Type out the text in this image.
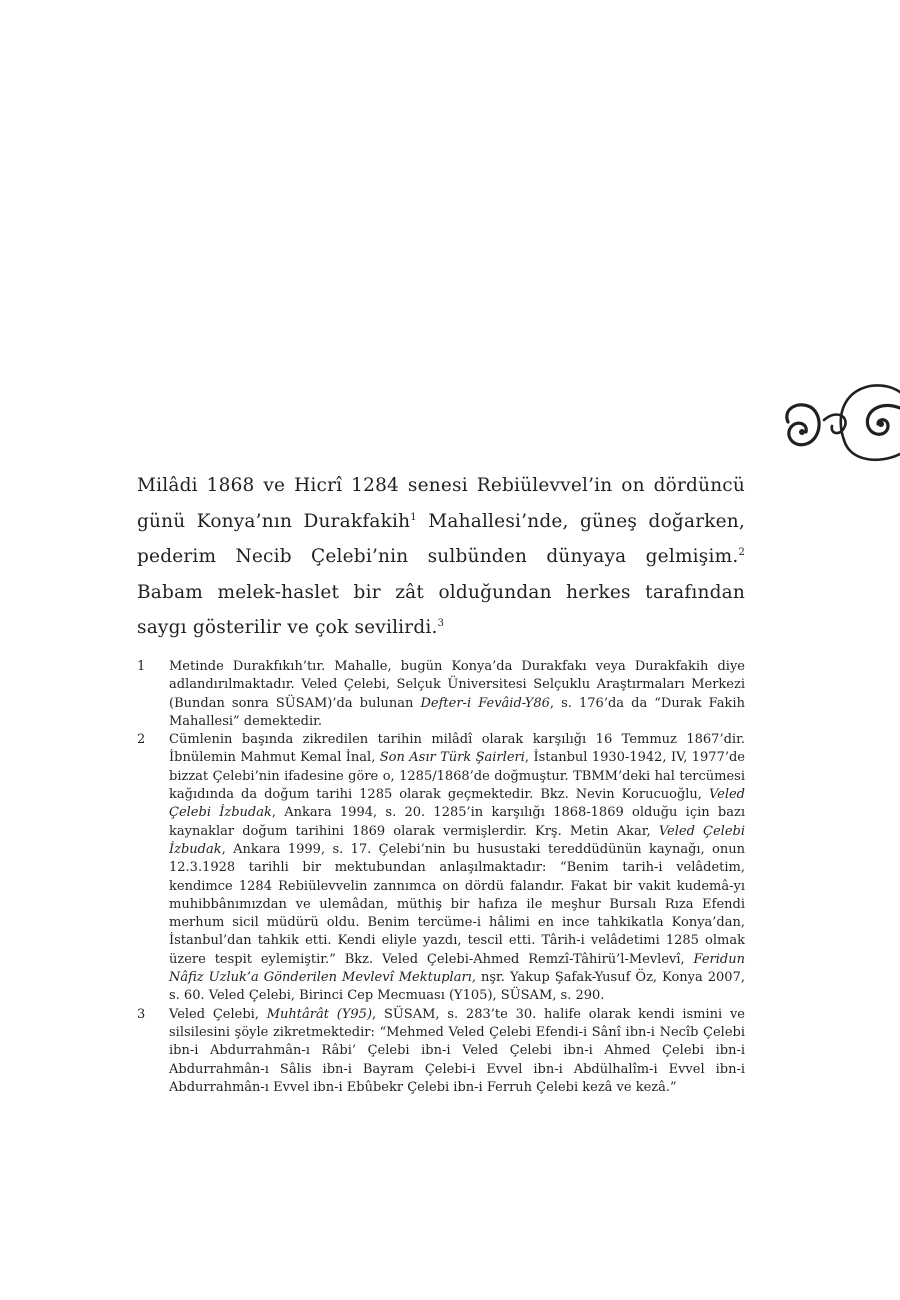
Milâdi 1868 ve Hicrî 1284 senesi Rebiülevvel’in on dördüncü günü Konya’nın Durakfakih$^1$ Mahallesi’nde, güneş doğarken, pederim Necib Çelebi’nin sulbünden dünyaya gelmişim.$^2$ Babam melek-haslet bir zât olduğundan herkes tarafından saygı gösterilir ve çok sevilirdi.$^3$

1	Metinde Durakfıkıh’tır. Mahalle, bugün Konya’da Durakfakı veya Durakfakih diye adlandırılmaktadır. Veled Çelebi, Selçuk Üniversitesi Selçuklu Araştırmaları Merkezi (Bundan sonra SÜSAM)’da bulunan Defter-i Fevâid-Y86, s. 176’da da “Durak Fakih Mahallesi” demektedir.
2	Cümlenin başında zikredilen tarihin milâdî olarak karşılığı 16 Temmuz 1867’dir. İbnülemin Mahmut Kemal İnal, Son Asır Türk Şairleri, İstanbul 1930-1942, IV, 1977’de bizzat Çelebi’nin ifadesine göre o, 1285/1868’de doğmuştur. TBMM’deki hal tercümesi kağıdında da doğum tarihi 1285 olarak geçmektedir. Bkz. Nevin Korucuoğlu, Veled Çelebi İzbudak, Ankara 1994, s. 20. 1285’in karşılığı 1868-1869 olduğu için bazı kaynaklar doğum tarihini 1869 olarak vermişlerdir. Krş. Metin Akar, Veled Çelebi İzbudak, Ankara 1999, s. 17. Çelebi’nin bu husustaki tereddüdünün kaynağı, onun 12.3.1928 tarihli bir mektubundan anlaşılmaktadır: “Benim tarih-i velâdetim, kendimce 1284 Rebiülevvelin zannımca on dördü falandır. Fakat bir vakit kudemâ-yı muhibbânımızdan ve ulemâdan, müthiş bir hafıza ile meşhur Bursalı Rıza Efendi merhum sicil müdürü oldu. Benim tercüme-i hâlimi en ince tahkikatla Konya’dan, İstanbul’dan tahkik etti. Kendi eliyle yazdı, tescil etti. Târih-i velâdetimi 1285 olmak üzere tespit eylemiştir.” Bkz. Veled Çelebi-Ahmed Remzî-Tâhirü’l-Mevlevî, Feridun Nâfiz Uzluk’a Gönderilen Mevlevî Mektupları, nşr. Yakup Şafak-Yusuf Öz, Konya 2007, s. 60. Veled Çelebi, Birinci Cep Mecmuası (Y105), SÜSAM, s. 290.
3	Veled Çelebi, Muhtârât (Y95), SÜSAM, s. 283’te 30. halife olarak kendi ismini ve silsilesini şöyle zikretmektedir: “Mehmed Veled Çelebi Efendi-i Sânî ibn-i Necîb Çelebi ibn-i Abdurrahmân-ı Râbi‘ Çelebi ibn-i Veled Çelebi ibn-i Ahmed Çelebi ibn-i Abdurrahmân-ı Sâlis ibn-i Bayram Çelebi-i Evvel ibn-i Abdülhalîm-i Evvel ibn-i Abdurrahmân-ı Evvel ibn-i Ebûbekr Çelebi ibn-i Ferruh Çelebi kezâ ve kezâ.”
